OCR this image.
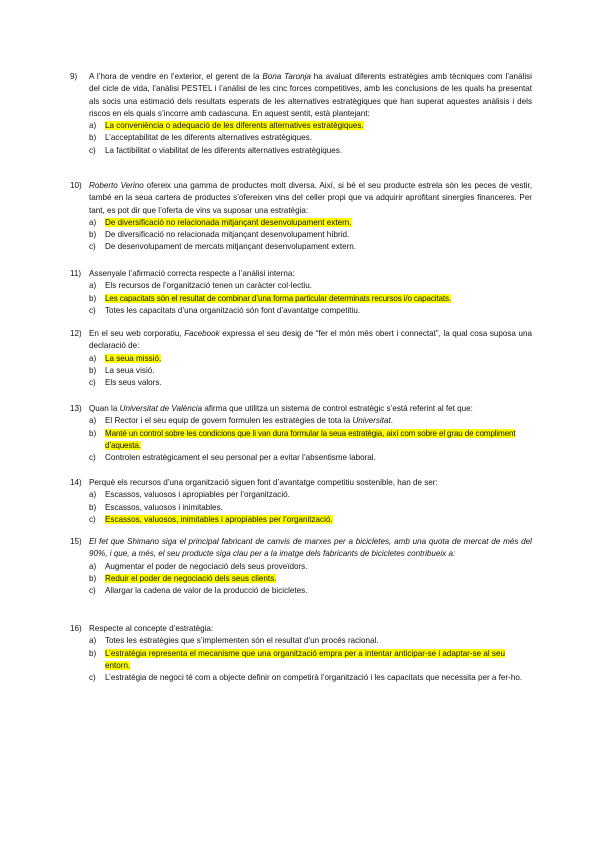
9)	A l’hora de vendre en l’exterior, el gerent de la Bona Taronja ha avaluat diferents estratègies amb tècniques com l’anàlisi del cicle de vida, l’anàlisi PESTEL i l’anàlisi de les cinc forces competitives, amb les conclusions de les quals ha presentat als socis una estimació dels resultats esperats de les alternatives estratègiques que han superat aquestes anàlisis i dels riscos en els quals s’incorre amb cadascuna. En aquest sentit, està plantejant:
a)	La conveniència o adequació de les diferents alternatives estratègiques.
b)	L’acceptabilitat de les diferents alternatives estratègiques.
c)	La factibilitat o viabilitat de les diferents alternatives estratègiques.
10) Roberto Verino ofereix una gamma de productes molt diversa. Així, si bé el seu producte estrela són les peces de vestir, també en la seua cartera de productes s’ofereixen vins del celler propi que va adquirir aprofitant sinergies financeres. Per tant, es pot dir que l’oferta de vins va suposar una estratègia:
a)	De diversificació no relacionada mitjançant desenvolupament extern.
b)	De diversificació no relacionada mitjançant desenvolupament híbrid.
c)	De desenvolupament de mercats mitjançant desenvolupament extern.
11) Assenyale l’afirmació correcta respecte a l’anàlisi interna:
a)	Els recursos de l’organització tenen un caràcter col·lectiu.
b)	Les capacitats són el resultat de combinar d’una forma particular determinats recursos i/o capacitats.
c)	Totes les capacitats d’una organització són font d’avantatge competitiu.
12) En el seu web corporatiu, Facebook expressa el seu desig de “fer el món més obert i connectat”, la qual cosa suposa una declaració de:
a)	La seua missió.
b)	La seua visió.
c)	Els seus valors.
13) Quan la Universitat de València afirma que utilitza un sistema de control estratègic s’està referint al fet que:
a)	El Rector i el seu equip de govern formulen les estratègies de tota la Universitat.
b)	Manté un control sobre les condicions que li van dura formular la seua estratègia, així com sobre el grau de compliment d’aquesta.
c)	Controlen estratègicament el seu personal per a evitar l’absentisme laboral.
14) Perquè els recursos d’una organització siguen font d’avantatge competitiu sostenible, han de ser:
a)	Escassos, valuosos i apropiables per l’organització.
b)	Escassos, valuosos i inimitables.
c)	Escassos, valuosos, inimitables i apropiables per l’organització.
15) El fet que Shimano siga el principal fabricant de canvis de marxes per a bicicletes, amb una quota de mercat de més del 90%, i que, a més, el seu producte siga clau per a la imatge dels fabricants de bicicletes contribueix a:
a)	Augmentar el poder de negociació dels seus proveïdors.
b)	Reduir el poder de negociació dels seus clients.
c)	Allargar la cadena de valor de la producció de bicicletes.
16) Respecte al concepte d’estratègia:
a)	Totes les estratègies que s’implementen són el resultat d’un procés racional.
b)	L’estratègia representa el mecanisme que una organització empra per a intentar anticipar-se i adaptar-se al seu entorn.
c)	L’estratègia de negoci té com a objecte definir on competirà l’organització i les capacitats que necessita per a fer-ho.
